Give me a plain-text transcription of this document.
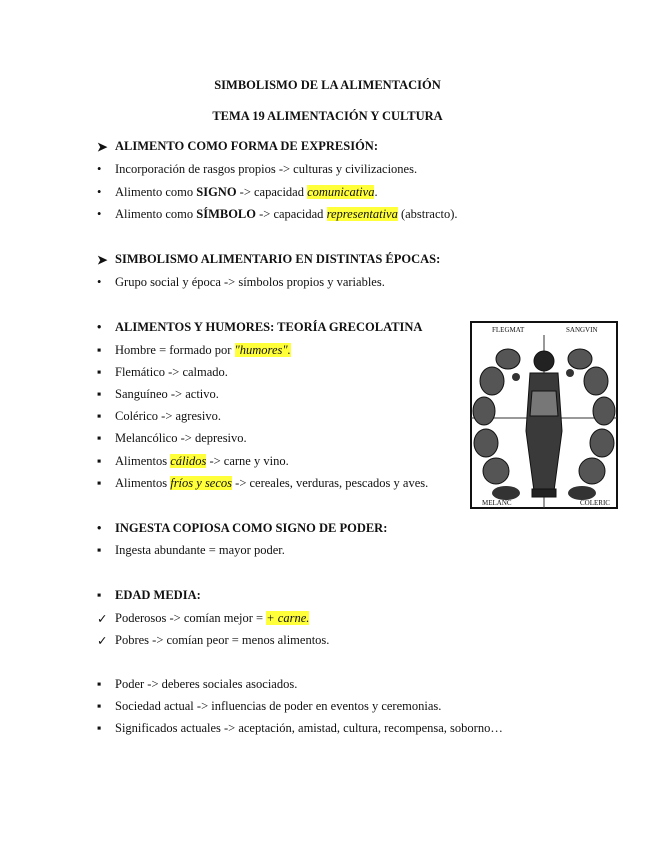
SIMBOLISMO DE LA ALIMENTACIÓN
TEMA 19 ALIMENTACIÓN Y CULTURA
➤ ALIMENTO COMO FORMA DE EXPRESIÓN:
•	Incorporación de rasgos propios -> culturas y civilizaciones.
•	Alimento como SIGNO -> capacidad comunicativa.
•	Alimento como SÍMBOLO -> capacidad representativa (abstracto).
➤ SIMBOLISMO ALIMENTARIO EN DISTINTAS ÉPOCAS:
•	Grupo social y época -> símbolos propios y variables.
•	ALIMENTOS Y HUMORES: TEORÍA GRECOLATINA
▪	Hombre = formado por "humores".
▪	Flemático -> calmado.
▪	Sanguíneo -> activo.
▪	Colérico -> agresivo.
▪	Melancólico -> depresivo.
▪	Alimentos cálidos -> carne y vino.
▪	Alimentos fríos y secos -> cereales, verduras, pescados y aves.
FLEGMAT	SANGVIN
MELANC	COLERIC
•	INGESTA COPIOSA COMO SIGNO DE PODER:
▪	Ingesta abundante = mayor poder.
▪	EDAD MEDIA:
✓ Poderosos -> comían mejor = + carne.
✓ Pobres -> comían peor = menos alimentos.
▪	Poder -> deberes sociales asociados.
▪	Sociedad actual -> influencias de poder en eventos y ceremonias.
▪	Significados actuales -> aceptación, amistad, cultura, recompensa, soborno…
